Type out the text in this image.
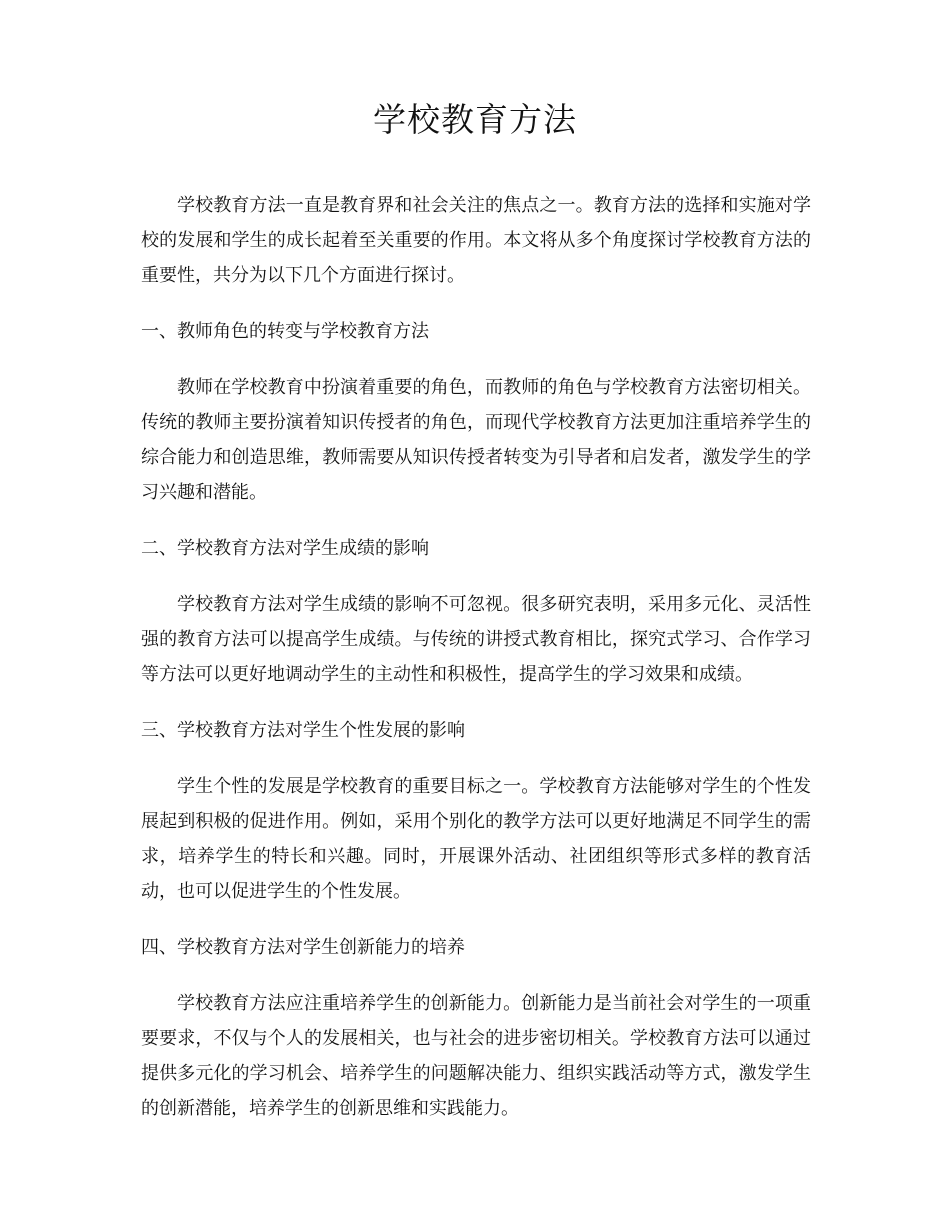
学校教育方法

学校教育方法一直是教育界和社会关注的焦点之一。教育方法的选择和实施对学校的发展和学生的成长起着至关重要的作用。本文将从多个角度探讨学校教育方法的重要性，共分为以下几个方面进行探讨。

一、教师角色的转变与学校教育方法

教师在学校教育中扮演着重要的角色，而教师的角色与学校教育方法密切相关。传统的教师主要扮演着知识传授者的角色，而现代学校教育方法更加注重培养学生的综合能力和创造思维，教师需要从知识传授者转变为引导者和启发者，激发学生的学习兴趣和潜能。

二、学校教育方法对学生成绩的影响

学校教育方法对学生成绩的影响不可忽视。很多研究表明，采用多元化、灵活性强的教育方法可以提高学生成绩。与传统的讲授式教育相比，探究式学习、合作学习等方法可以更好地调动学生的主动性和积极性，提高学生的学习效果和成绩。

三、学校教育方法对学生个性发展的影响

学生个性的发展是学校教育的重要目标之一。学校教育方法能够对学生的个性发展起到积极的促进作用。例如，采用个别化的教学方法可以更好地满足不同学生的需求，培养学生的特长和兴趣。同时，开展课外活动、社团组织等形式多样的教育活动，也可以促进学生的个性发展。

四、学校教育方法对学生创新能力的培养

学校教育方法应注重培养学生的创新能力。创新能力是当前社会对学生的一项重要要求，不仅与个人的发展相关，也与社会的进步密切相关。学校教育方法可以通过提供多元化的学习机会、培养学生的问题解决能力、组织实践活动等方式，激发学生的创新潜能，培养学生的创新思维和实践能力。
